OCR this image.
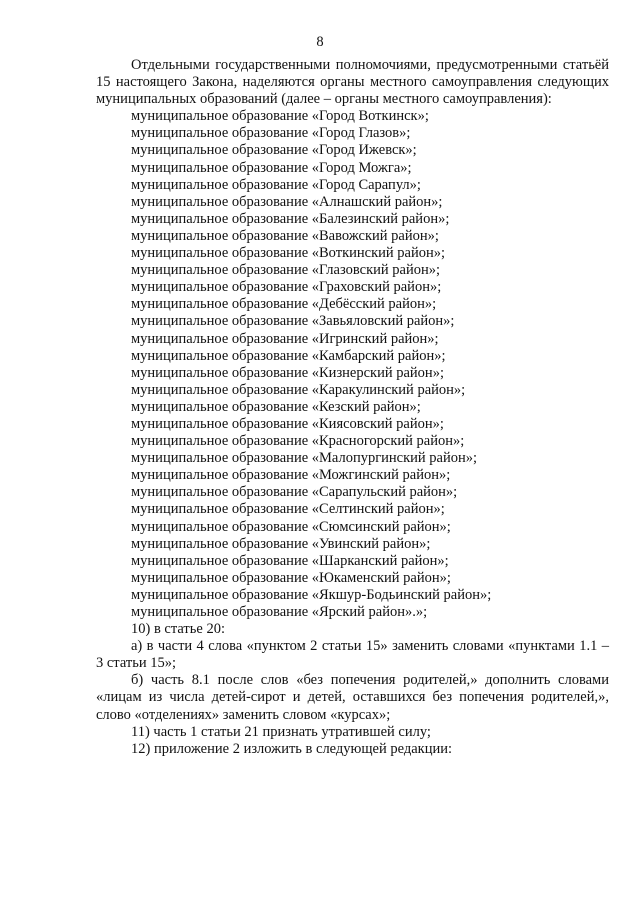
8

Отдельными государственными полномочиями, предусмотренными статьёй 15 настоящего Закона, наделяются органы местного самоуправления следующих муниципальных образований (далее – органы местного самоуправления):

муниципальное образование «Город Воткинск»;

муниципальное образование «Город Глазов»;

муниципальное образование «Город Ижевск»;

муниципальное образование «Город Можга»;

муниципальное образование «Город Сарапул»;

муниципальное образование «Алнашский район»;

муниципальное образование «Балезинский район»;

муниципальное образование «Вавожский район»;

муниципальное образование «Воткинский район»;

муниципальное образование «Глазовский район»;

муниципальное образование «Граховский район»;

муниципальное образование «Дебёсский район»;

муниципальное образование «Завьяловский район»;

муниципальное образование «Игринский район»;

муниципальное образование «Камбарский район»;

муниципальное образование «Кизнерский район»;

муниципальное образование «Каракулинский район»;

муниципальное образование «Кезский район»;

муниципальное образование «Киясовский район»;

муниципальное образование «Красногорский район»;

муниципальное образование «Малопургинский район»;

муниципальное образование «Можгинский район»;

муниципальное образование «Сарапульский район»;

муниципальное образование «Селтинский район»;

муниципальное образование «Сюмсинский район»;

муниципальное образование «Увинский район»;

муниципальное образование «Шарканский район»;

муниципальное образование «Юкаменский район»;

муниципальное образование «Якшур-Бодьинский район»;

муниципальное образование «Ярский район».»;

10) в статье 20:

а) в части 4 слова «пунктом 2 статьи 15» заменить словами «пунктами 1.1 – 3 статьи 15»;

б) часть 8.1 после слов «без попечения родителей,» дополнить словами «лицам из числа детей-сирот и детей, оставшихся без попечения родителей,», слово «отделениях» заменить словом «курсах»;

11) часть 1 статьи 21 признать утратившей силу;

12) приложение 2 изложить в следующей редакции:
